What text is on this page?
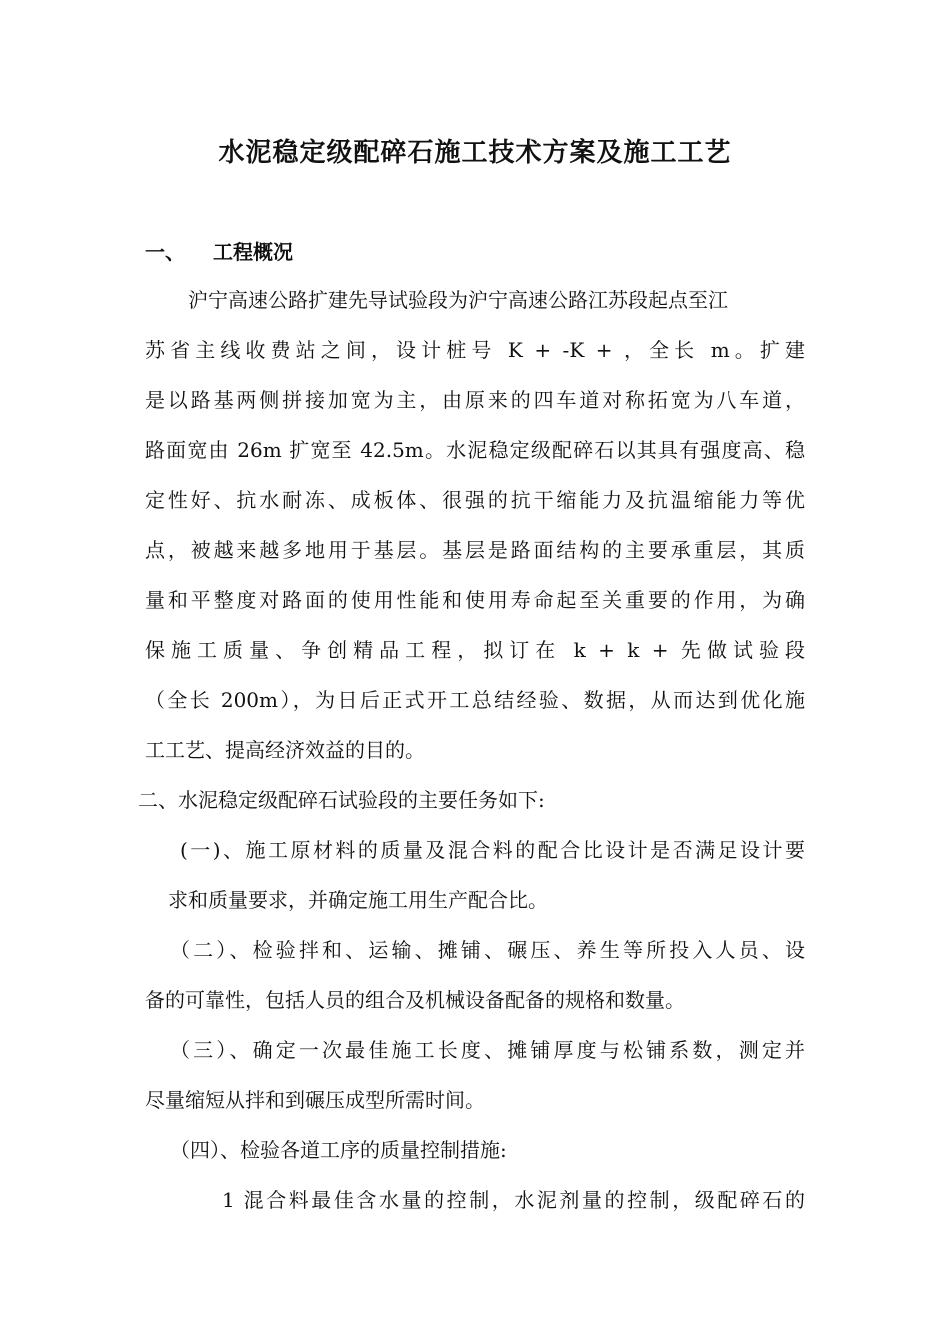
水泥稳定级配碎石施工技术方案及施工工艺
一、 工程概况
沪宁高速公路扩建先导试验段为沪宁高速公路江苏段起点至江
苏省主线收费站之间，设计桩号 K + -K + ，全长 m。扩建
是以路基两侧拼接加宽为主，由原来的四车道对称拓宽为八车道，
路面宽由 26m 扩宽至 42.5m。水泥稳定级配碎石以其具有强度高、稳
定性好、抗水耐冻、成板体、很强的抗干缩能力及抗温缩能力等优
点，被越来越多地用于基层。基层是路面结构的主要承重层，其质
量和平整度对路面的使用性能和使用寿命起至关重要的作用，为确
保施工质量、争创精品工程，拟订在 k + k + 先做试验段
（全长 200m），为日后正式开工总结经验、数据，从而达到优化施
工工艺、提高经济效益的目的。
二、水泥稳定级配碎石试验段的主要任务如下:
(一)、施工原材料的质量及混合料的配合比设计是否满足设计要
求和质量要求，并确定施工用生产配合比。
（二）、检验拌和、运输、摊铺、碾压、养生等所投入人员、设
备的可靠性，包括人员的组合及机械设备配备的规格和数量。
（三）、确定一次最佳施工长度、摊铺厚度与松铺系数，测定并
尽量缩短从拌和到碾压成型所需时间。
（四）、检验各道工序的质量控制措施:
1 混合料最佳含水量的控制，水泥剂量的控制，级配碎石的
